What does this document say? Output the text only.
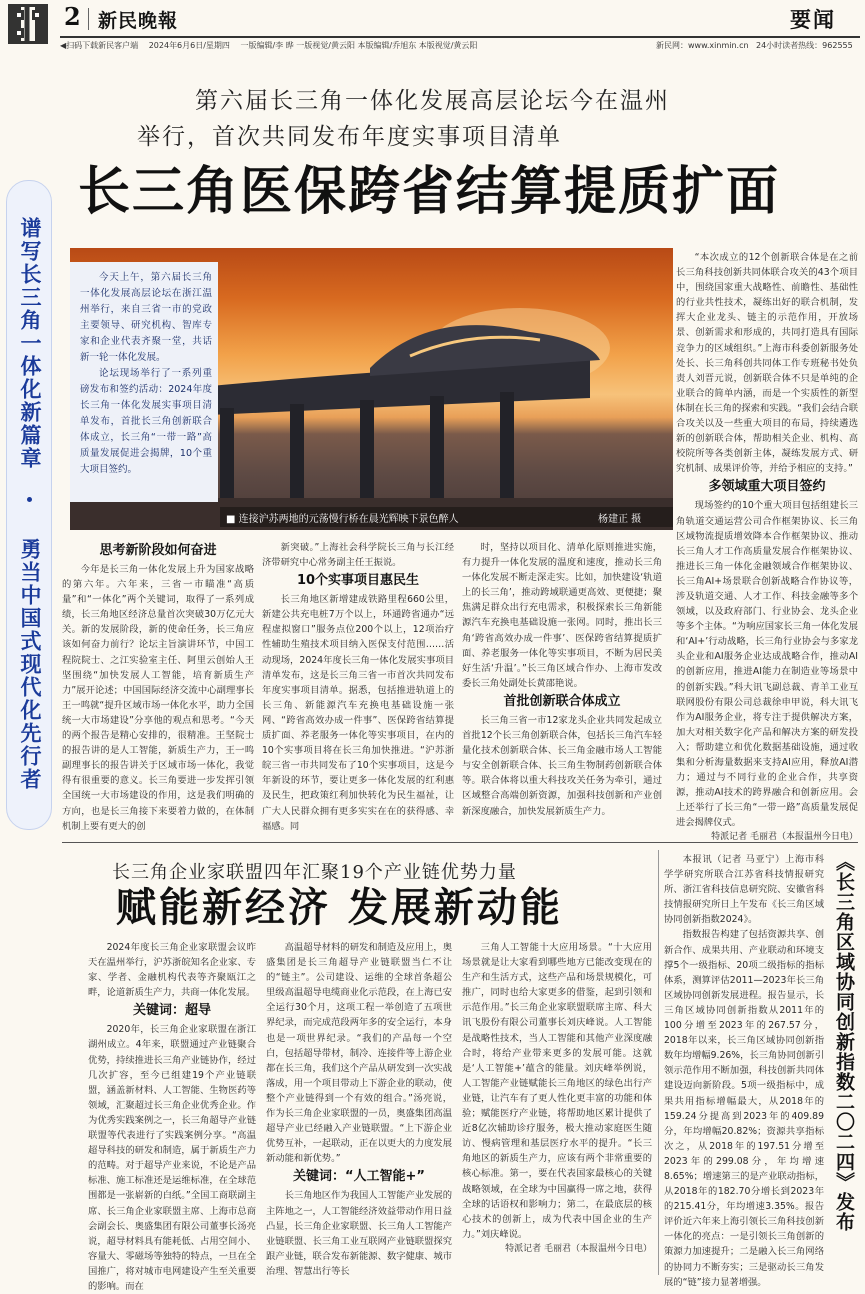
2 新民晚報	要闻
◀扫码下载新民客户端 2024年6月6日/星期四 一版编辑/李 晔 一版视觉/黄云阳 本版编辑/乔旭东 本版视觉/黄云阳	新民网：www.xinmin.cn 24小时读者热线：962555
谱写长三角一体化新篇章
勇当中国式现代化先行者
第六届长三角一体化发展高层论坛今在温州
举行，首次共同发布年度实事项目清单
长三角医保跨省结算提质扩面
■ 连接沪苏两地的元荡慢行桥在晨光辉映下景色醉人	杨建正 摄

今天上午，第六届长三角一体化发展高层论坛在浙江温州举行，来自三省一市的党政主要领导、研究机构、智库专家和企业代表齐聚一堂，共话新一轮一体化发展。

论坛现场举行了一系列重磅发布和签约活动：2024年度长三角一体化发展实事项目清单发布，首批长三角创新联合体成立，长三角“一带一路”高质量发展促进会揭牌，10个重大项目签约。

思考新阶段如何奋进

今年是长三角一体化发展上升为国家战略的第六年。六年来，三省一市瞄准“高质量”和“一体化”两个关键词，取得了一系列成绩，长三角地区经济总量首次突破30万亿元大关。新的发展阶段，新的使命任务，长三角应该如何奋力前行？论坛主旨演讲环节，中国工程院院士、之江实验室主任、阿里云创始人王坚围绕“加快发展人工智能，培育新质生产力”展开论述；中国国际经济交流中心副理事长王一鸣就“提升区域市场一体化水平，助力全国统一大市场建设”分享他的观点和思考。“今天的两个报告是精心安排的，很精准。王坚院士的报告讲的是人工智能，新质生产力，王一鸣副理事长的报告讲关于区域市场一体化，我觉得有很重要的意义。长三角要进一步发挥引领全国统一大市场建设的作用，这是我们明确的方向，也是长三角接下来要着力做的，在体制机制上要有更大的创

新突破。”上海社会科学院长三角与长江经济带研究中心常务副主任王振说。

10个实事项目惠民生

长三角地区新增建成铁路里程660公里，新建公共充电桩7万个以上，环通跨省通办“远程虚拟窗口”服务点位200个以上，12项治疗性辅助生殖技术项目纳入医保支付范围……活动现场，2024年度长三角一体化发展实事项目清单发布，这是长三角三省一市首次共同发布年度实事项目清单。据悉，包括推进轨道上的长三角、新能源汽车充换电基础设施一张网、“跨省高效办成一件事”、医保跨省结算提质扩面、养老服务一体化等实事项目，在内的10个实事项目将在长三角加快推进。“沪苏浙皖三省一市共同发布了10个实事项目，这是今年新设的环节，要让更多一体化发展的红利惠及民生，把政策红利加快转化为民生福祉，让广大人民群众拥有更多实实在在的获得感、幸福感。同

时，坚持以项目化、清单化原则推进实施，有力提升一体化发展的温度和速度，推动长三角一体化发展不断走深走实。比如，加快建设‘轨道上的长三角’，推动跨域联通更高效、更便捷；聚焦满足群众出行充电需求，积极探索长三角新能源汽车充换电基础设施一张网。同时，推出长三角‘跨省高效办成一件事’、医保跨省结算提质扩面、养老服务一体化等实事项目，不断为居民美好生活‘升温’。”长三角区域合作办、上海市发改委长三角处副处长黄邵艳说。

首批创新联合体成立

长三角三省一市12家龙头企业共同发起成立首批12个长三角创新联合体，包括长三角汽车轻量化技术创新联合体、长三角金融市场人工智能与安全创新联合体、长三角生物制药创新联合体等。联合体将以重大科技攻关任务为牵引，通过区域整合高端创新资源，加强科技创新和产业创新深度融合，加快发展新质生产力。

“本次成立的12个创新联合体是在之前长三角科技创新共同体联合攻关的43个项目中，围绕国家重大战略性、前瞻性、基础性的行业共性技术，凝练出好的联合机制，发挥大企业龙头、链主的示范作用，开放场景、创新需求和形成的，共同打造具有国际竞争力的区域组织。”上海市科委创新服务处处长、长三角科创共同体工作专班秘书处负责人刘晋元说，创新联合体不只是单纯的企业联合的简单内涵，而是一个实质性的新型体制在长三角的探索和实践。“我们会结合联合攻关以及一些重大项目的布局，持续遴选新的创新联合体，帮助相关企业、机构、高校院所等各类创新主体，凝练发展方式、研究机制、成果评价等，并给予相应的支持。”

多领域重大项目签约

现场签约的10个重大项目包括组建长三角轨道交通运营公司合作框架协议、长三角区域物流提质增效降本合作框架协议、推动长三角人才工作高质量发展合作框架协议、推进长三角一体化金融领域合作框架协议、长三角AI+场景联合创新战略合作协议等，涉及轨道交通、人才工作、科技金融等多个领域，以及政府部门、行业协会、龙头企业等多个主体。“为响应国家长三角一体化发展和‘AI+’行动战略，长三角行业协会与多家龙头企业和AI服务企业达成战略合作，推动AI的创新应用，推进AI能力在制造业等场景中的创新实践。”科大讯飞副总裁、青羊工业互联网股份有限公司总裁徐申甲说，科大讯飞作为AI服务企业，将专注于提供解决方案，加大对相关数字化产品和解决方案的研发投入；帮助建立和优化数据基础设施，通过收集和分析海量数据来支持AI应用，释放AI潜力；通过与不同行业的企业合作，共享资源，推动AI技术的跨界融合和创新应用。会上还举行了长三角“一带一路”高质量发展促进会揭牌仪式。

特派记者 毛丽君（本报温州今日电）

长三角企业家联盟四年汇聚19个产业链优势力量
赋能新经济 发展新动能

2024年度长三角企业家联盟会议昨天在温州举行，沪苏浙皖知名企业家、专家、学者、金融机构代表等齐聚瓯江之畔，论道新质生产力，共商一体化发展。

关键词：超导

2020年，长三角企业家联盟在浙江湖州成立。4年来，联盟通过产业链聚合优势，持续推进长三角产业链协作，经过几次扩容，至今已组建19个产业链联盟，涵盖新材料、人工智能、生物医药等领域，汇聚超过长三角企业优秀企业。作为优秀实践案例之一，长三角超导产业链联盟等代表进行了实践案例分享。“高温超导科技的研发和制造，属于新质生产力的范畴。对于超导产业来说，不论是产品标准、施工标准还是运维标准，在全球范围都是一张崭新的白纸。”全国工商联副主席、长三角企业家联盟主席、上海市总商会副会长、奥盛集团有限公司董事长汤亮说，超导材料具有能耗低、占用空间小、容量大、零磁场等独特的特点，一旦在全国推广，将对城市电网建设产生至关重要的影响。而在

高温超导材料的研发和制造及应用上，奥盛集团是长三角超导产业链联盟当仁不让的“链主”。公司建设、运维的全球首条超公里级高温超导电缆商业化示范段，在上海已安全运行30个月，这项工程一举创造了五项世界纪录，而完成范段两年多的安全运行，本身也是一项世界纪录。“我们的产品每一个空白，包括超导带材，制冷、连接件等上游企业都在长三角，我们这个产品从研发到一次实战落成，用一个项目带动上下游企业的联动，使整个产业链得到一个有效的组合。”汤亮说，作为长三角企业家联盟的一员，奥盛集团高温超导产业已经融入产业链联盟。“上下游企业优势互补，一起联动，正在以更大的力度发展新动能和新优势。”

关键词：“人工智能+”

长三角地区作为我国人工智能产业发展的主阵地之一，人工智能经济效益带动作用日益凸显，长三角企业家联盟、长三角人工智能产业链联盟、长三角工业互联网产业链联盟探究跟产业链，联合发布新能源、数字健康、城市治理、智慧出行等长

三角人工智能十大应用场景。“十大应用场景就是让大家看到哪些地方已能改变现在的生产和生活方式，这些产品和场景规模化，可推广，同时也给大家更多的借鉴，起到引领和示范作用。”长三角企业家联盟联席主席、科大讯飞股份有限公司董事长刘庆峰说。人工智能是战略性技术，当人工智能和其他产业深度融合时，将给产业带来更多的发展可能。这就是‘人工智能+’蕴含的能量。刘庆峰举例说，人工智能产业链赋能长三角地区的绿色出行产业链，让汽车有了更人性化更丰富的功能和体验；赋能医疗产业链，将帮助地区累计提供了近8亿次辅助诊疗服务，极大推动家庭医生随访、慢病管理和基层医疗水平的提升。“长三角地区的新质生产力，应该有两个非常重要的核心标准。第一，要在代表国家最核心的关键战略领域，在全球为中国赢得一席之地，获得全球的话语权和影响力；第二，在最底层的核心技术的创新上，成为代表中国企业的生产力。”刘庆峰说。

特派记者 毛丽君（本报温州今日电）

本报讯（记者 马亚宁）上海市科学学研究所联合江苏省科技情报研究所、浙江省科技信息研究院、安徽省科技情报研究所日上午发布《长三角区域协同创新指数2024》。

指数报告构建了包括资源共享、创新合作、成果共用、产业联动和环境支撑5个一级指标、20项二级指标的指标体系，测算评估2011—2023年长三角区域协同创新发展进程。报告显示，长三角区域协同创新指数从2011年的100分增至2023年的267.57分，2018年以来，长三角区域协同创新指数年均增幅9.26%，长三角协同创新引领示范作用不断加强，科技创新共同体建设迈向新阶段。5项一级指标中，成果共用指标增幅最大，从2018年的159.24分提高到2023年的409.89分，年均增幅20.82%；资源共享指标次之，从2018年的197.51分增至2023年的299.08分，年均增速8.65%；增速第三的是产业联动指标，从2018年的182.70分增长到2023年的215.41分，年均增速3.35%。报告评价近六年来上海引领长三角科技创新一体化的亮点：一是引领长三角创新的策源力加速提升；二是融入长三角网络的协同力不断夯实；三是驱动长三角发展的“链”接力显著增强。

《长三角区域协同创新指数二〇二四》发布
